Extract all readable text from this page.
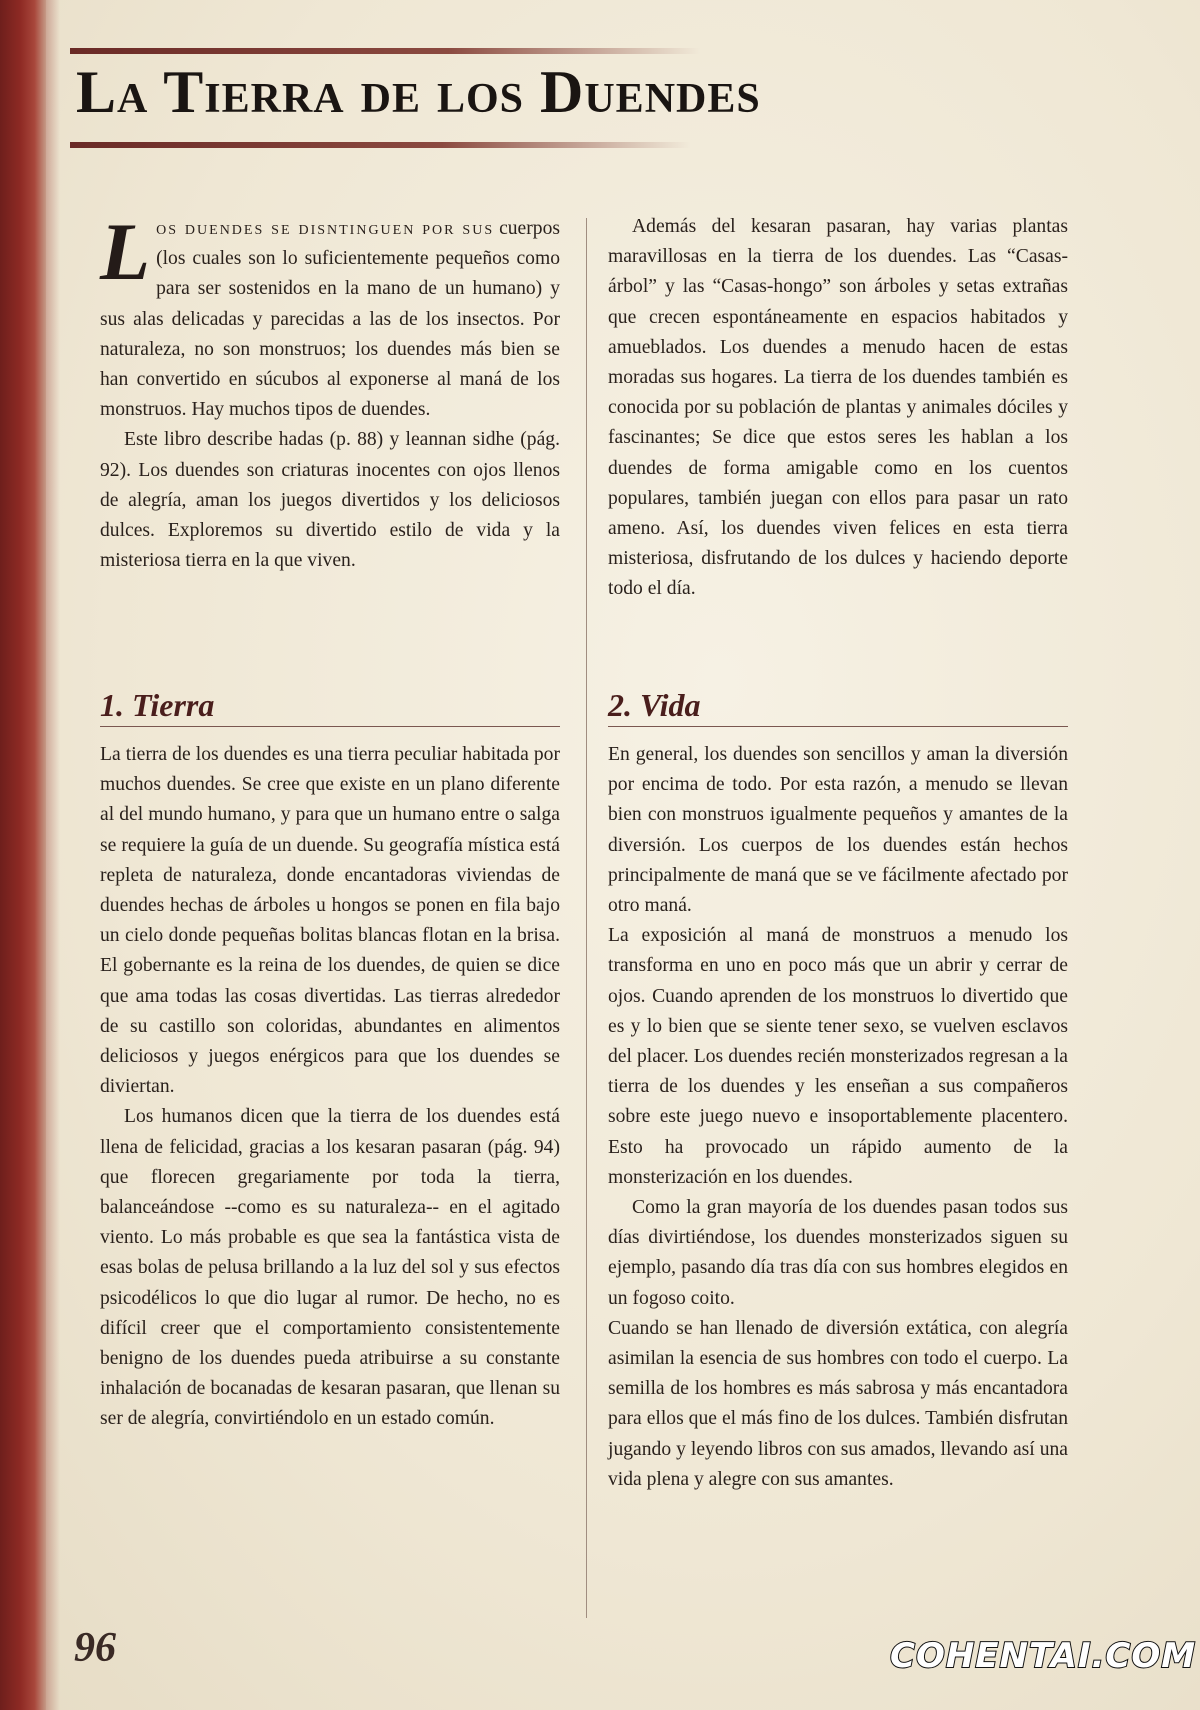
La Tierra de los Duendes

Los duendes se disntinguen por sus cuerpos (los cuales son lo suficientemente pequeños como para ser sostenidos en la mano de un humano) y sus alas delicadas y parecidas a las de los insectos. Por naturaleza, no son monstruos; los duendes más bien se han convertido en súcubos al exponerse al maná de los monstruos. Hay muchos tipos de duendes.

Este libro describe hadas (p. 88) y leannan sidhe (pág. 92). Los duendes son criaturas inocentes con ojos llenos de alegría, aman los juegos divertidos y los deliciosos dulces. Exploremos su divertido estilo de vida y la misteriosa tierra en la que viven.

Además del kesaran pasaran, hay varias plantas maravillosas en la tierra de los duendes. Las “Casas-árbol” y las “Casas-hongo” son árboles y setas extrañas que crecen espontáneamente en espacios habitados y amueblados. Los duendes a menudo hacen de estas moradas sus hogares. La tierra de los duendes también es conocida por su población de plantas y animales dóciles y fascinantes; Se dice que estos seres les hablan a los duendes de forma amigable como en los cuentos populares, también juegan con ellos para pasar un rato ameno. Así, los duendes viven felices en esta tierra misteriosa, disfrutando de los dulces y haciendo deporte todo el día.

1. Tierra	2. Vida

La tierra de los duendes es una tierra peculiar habitada por muchos duendes. Se cree que existe en un plano diferente al del mundo humano, y para que un humano entre o salga se requiere la guía de un duende. Su geografía mística está repleta de naturaleza, donde encantadoras viviendas de duendes hechas de árboles u hongos se ponen en fila bajo un cielo donde pequeñas bolitas blancas flotan en la brisa. El gobernante es la reina de los duendes, de quien se dice que ama todas las cosas divertidas. Las tierras alrededor de su castillo son coloridas, abundantes en alimentos deliciosos y juegos enérgicos para que los duendes se diviertan.

Los humanos dicen que la tierra de los duendes está llena de felicidad, gracias a los kesaran pasaran (pág. 94) que florecen gregariamente por toda la tierra, balanceándose --como es su naturaleza-- en el agitado viento. Lo más probable es que sea la fantástica vista de esas bolas de pelusa brillando a la luz del sol y sus efectos psicodélicos lo que dio lugar al rumor. De hecho, no es difícil creer que el comportamiento consistentemente benigno de los duendes pueda atribuirse a su constante inhalación de bocanadas de kesaran pasaran, que llenan su ser de alegría, convirtiéndolo en un estado común.

En general, los duendes son sencillos y aman la diversión por encima de todo. Por esta razón, a menudo se llevan bien con monstruos igualmente pequeños y amantes de la diversión. Los cuerpos de los duendes están hechos principalmente de maná que se ve fácilmente afectado por otro maná.

La exposición al maná de monstruos a menudo los transforma en uno en poco más que un abrir y cerrar de ojos. Cuando aprenden de los monstruos lo divertido que es y lo bien que se siente tener sexo, se vuelven esclavos del placer. Los duendes recién monsterizados regresan a la tierra de los duendes y les enseñan a sus compañeros sobre este juego nuevo e insoportablemente placentero. Esto ha provocado un rápido aumento de la monsterización en los duendes.

Como la gran mayoría de los duendes pasan todos sus días divirtiéndose, los duendes monsterizados siguen su ejemplo, pasando día tras día con sus hombres elegidos en un fogoso coito.

Cuando se han llenado de diversión extática, con alegría asimilan la esencia de sus hombres con todo el cuerpo. La semilla de los hombres es más sabrosa y más encantadora para ellos que el más fino de los dulces. También disfrutan jugando y leyendo libros con sus amados, llevando así una vida plena y alegre con sus amantes.

96	COHENTAI.COM
